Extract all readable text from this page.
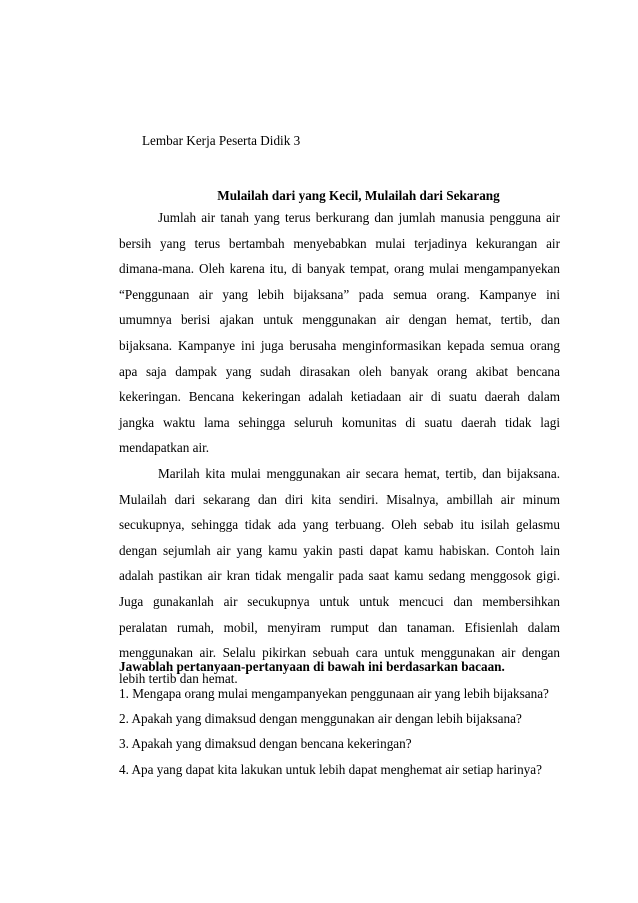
Lembar Kerja Peserta Didik 3
Mulailah dari yang Kecil, Mulailah dari Sekarang
Jumlah air tanah yang terus berkurang dan jumlah manusia pengguna air
bersih yang terus bertambah menyebabkan mulai terjadinya kekurangan air
dimana-mana. Oleh karena itu, di banyak tempat, orang mulai mengampanyekan
“Penggunaan air yang lebih bijaksana” pada semua orang. Kampanye ini
umumnya berisi ajakan untuk menggunakan air dengan hemat, tertib, dan
bijaksana. Kampanye ini juga berusaha menginformasikan kepada semua orang
apa saja dampak yang sudah dirasakan oleh banyak orang akibat bencana
kekeringan. Bencana kekeringan adalah ketiadaan air di suatu daerah dalam
jangka waktu lama sehingga seluruh komunitas di suatu daerah tidak lagi
mendapatkan air.
Marilah kita mulai menggunakan air secara hemat, tertib, dan bijaksana.
Mulailah dari sekarang dan diri kita sendiri. Misalnya, ambillah air minum
secukupnya, sehingga tidak ada yang terbuang. Oleh sebab itu isilah gelasmu
dengan sejumlah air yang kamu yakin pasti dapat kamu habiskan. Contoh lain
adalah pastikan air kran tidak mengalir pada saat kamu sedang menggosok gigi.
Juga gunakanlah air secukupnya untuk untuk mencuci dan membersihkan
peralatan rumah, mobil, menyiram rumput dan tanaman. Efisienlah dalam
menggunakan air. Selalu pikirkan sebuah cara untuk menggunakan air dengan
lebih tertib dan hemat.
Jawablah pertanyaan-pertanyaan di bawah ini berdasarkan bacaan.
1. Mengapa orang mulai mengampanyekan penggunaan air yang lebih bijaksana?
2. Apakah yang dimaksud dengan menggunakan air dengan lebih bijaksana?
3. Apakah yang dimaksud dengan bencana kekeringan?
4. Apa yang dapat kita lakukan untuk lebih dapat menghemat air setiap harinya?
